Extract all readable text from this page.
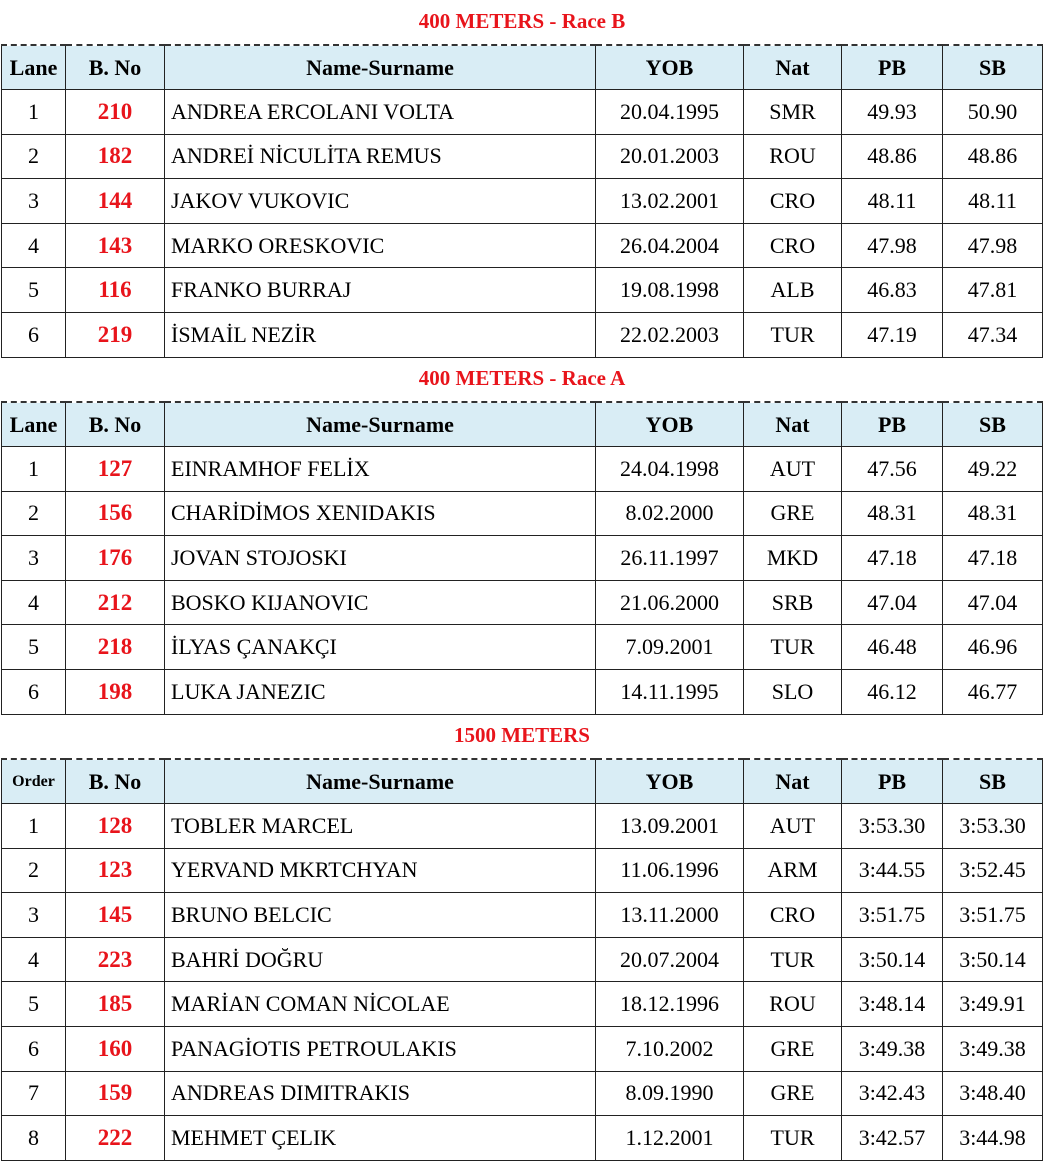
400 METERS - Race B
Lane	B. No	Name-Surname	YOB	Nat	PB	SB
1	210	ANDREA ERCOLANI VOLTA	20.04.1995	SMR	49.93	50.90
2	182	ANDREİ NİCULİTA REMUS	20.01.2003	ROU	48.86	48.86
3	144	JAKOV VUKOVIC	13.02.2001	CRO	48.11	48.11
4	143	MARKO ORESKOVIC	26.04.2004	CRO	47.98	47.98
5	116	FRANKO BURRAJ	19.08.1998	ALB	46.83	47.81
6	219	İSMAİL NEZİR	22.02.2003	TUR	47.19	47.34
400 METERS - Race A
Lane	B. No	Name-Surname	YOB	Nat	PB	SB
1	127	EINRAMHOF FELİX	24.04.1998	AUT	47.56	49.22
2	156	CHARİDİMOS XENIDAKIS	8.02.2000	GRE	48.31	48.31
3	176	JOVAN STOJOSKI	26.11.1997	MKD	47.18	47.18
4	212	BOSKO KIJANOVIC	21.06.2000	SRB	47.04	47.04
5	218	İLYAS ÇANAKÇI	7.09.2001	TUR	46.48	46.96
6	198	LUKA JANEZIC	14.11.1995	SLO	46.12	46.77
1500 METERS
Order	B. No	Name-Surname	YOB	Nat	PB	SB
1	128	TOBLER MARCEL	13.09.2001	AUT	3:53.30	3:53.30
2	123	YERVAND MKRTCHYAN	11.06.1996	ARM	3:44.55	3:52.45
3	145	BRUNO BELCIC	13.11.2000	CRO	3:51.75	3:51.75
4	223	BAHRİ DOĞRU	20.07.2004	TUR	3:50.14	3:50.14
5	185	MARİAN COMAN NİCOLAE	18.12.1996	ROU	3:48.14	3:49.91
6	160	PANAGİOTIS PETROULAKIS	7.10.2002	GRE	3:49.38	3:49.38
7	159	ANDREAS DIMITRAKIS	8.09.1990	GRE	3:42.43	3:48.40
8	222	MEHMET ÇELIK	1.12.2001	TUR	3:42.57	3:44.98
